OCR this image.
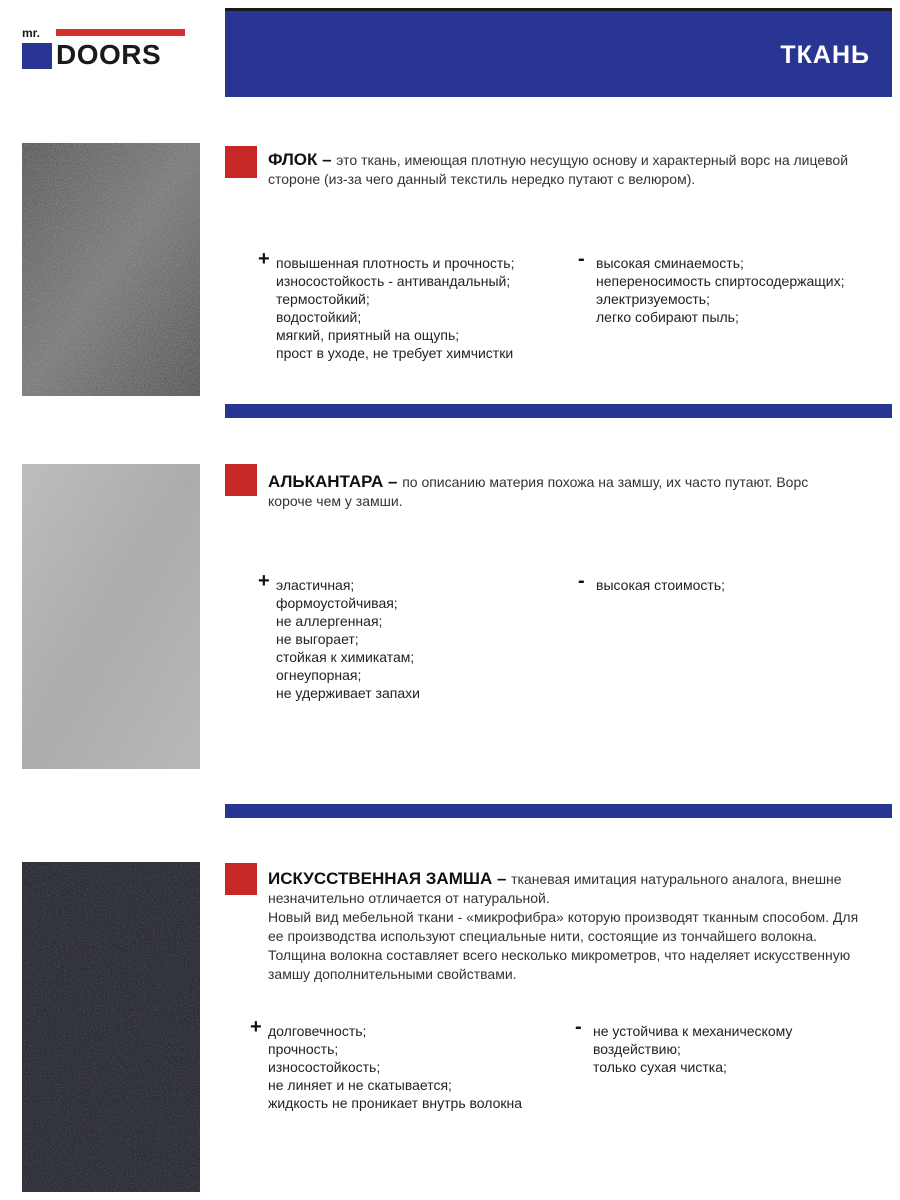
ТКАНЬ
mr.
DOORS

ФЛОК – это ткань, имеющая плотную несущую основу и характерный ворс на лицевой стороне (из-за чего данный текстиль нередко путают с велюром).

+ повышенная плотность и прочность;
износостойкость - антивандальный;
термостойкий;
водостойкий;
мягкий, приятный на ощупь;
прост в уходе, не требует химчистки
- высокая сминаемость;
непереносимость спиртосодержащих;
электризуемость;
легко собирают пыль;

АЛЬКАНТАРА – по описанию материя похожа на замшу, их часто путают. Ворс короче чем у замши.

+ эластичная;
формоустойчивая;
не аллергенная;
не выгорает;
стойкая к химикатам;
огнеупорная;
не удерживает запахи
- высокая стоимость;

ИСКУССТВЕННАЯ ЗАМША – тканевая имитация натурального аналога, внешне незначительно отличается от натуральной.

Новый вид мебельной ткани - «микрофибра» которую производят тканным способом. Для ее производства используют специальные нити, состоящие из тончайшего волокна. Толщина волокна составляет всего несколько микрометров, что наделяет искусственную замшу дополнительными свойствами.

+ долговечность;
прочность;
износостойкость;
не линяет и не скатывается;
жидкость не проникает внутрь волокна
- не устойчива к механическому
воздействию;
только сухая чистка;
